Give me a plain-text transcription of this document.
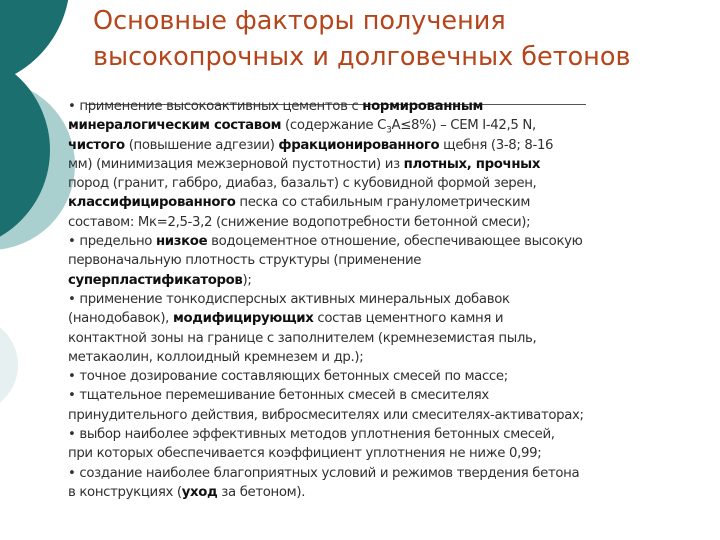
Основные факторы получения
высокопрочных и долговечных бетонов
• применение высокоактивных цементов с нормированным
минералогическим составом (содержание $С_3А\le 8\%$) – CEM I-42,5 N,
чистого (повышение адгезии) фракционированного щебня (3-8; 8-16
мм) (минимизация межзерновой пустотности) из плотных, прочных
пород (гранит, габбро, диабаз, базальт) с кубовидной формой зерен,
классифицированного песка со стабильным гранулометрическим
составом: Мк=2,5-3,2 (снижение водопотребности бетонной смеси);
• предельно низкое водоцементное отношение, обеспечивающее высокую
первоначальную плотность структуры (применение
суперпластификаторов);
• применение тонкодисперсных активных минеральных добавок
(нанодобавок), модифицирующих состав цементного камня и
контактной зоны на границе с заполнителем (кремнеземистая пыль,
метакаолин, коллоидный кремнезем и др.);
• точное дозирование составляющих бетонных смесей по массе;
• тщательное перемешивание бетонных смесей в смесителях
принудительного действия, вибросмесителях или смесителях-активаторах;
• выбор наиболее эффективных методов уплотнения бетонных смесей,
при которых обеспечивается коэффициент уплотнения не ниже 0,99;
• создание наиболее благоприятных условий и режимов твердения бетона
в конструкциях (уход за бетоном).
